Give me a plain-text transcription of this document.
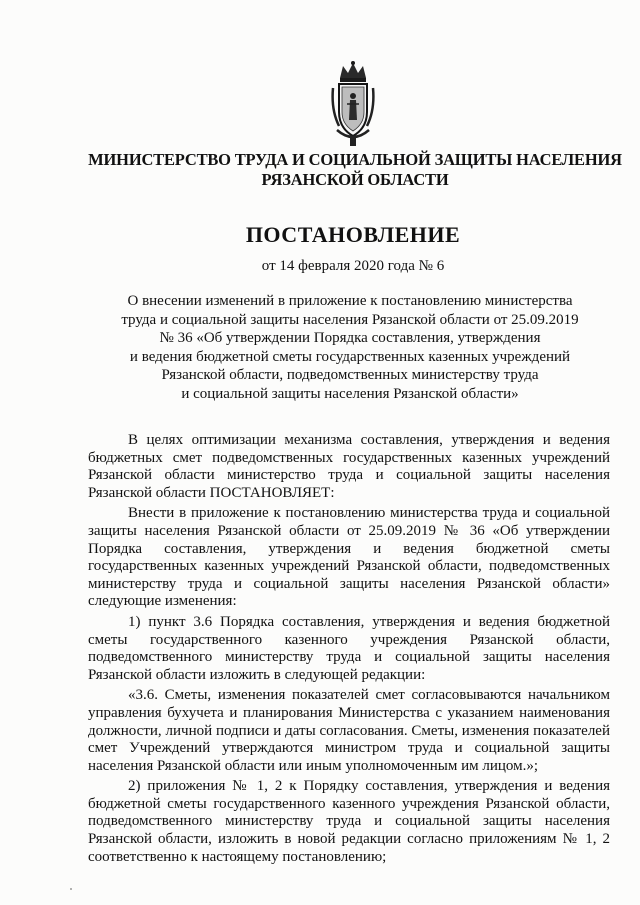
МИНИСТЕРСТВО ТРУДА И СОЦИАЛЬНОЙ ЗАЩИТЫ НАСЕЛЕНИЯ
РЯЗАНСКОЙ ОБЛАСТИ
ПОСТАНОВЛЕНИЕ
от 14 февраля 2020 года № 6
О внесении изменений в приложение к постановлению министерства
труда и социальной защиты населения Рязанской области от 25.09.2019
№ 36 «Об утверждении Порядка составления, утверждения
и ведения бюджетной сметы государственных казенных учреждений
Рязанской области, подведомственных министерству труда
и социальной защиты населения Рязанской области»

В целях оптимизации механизма составления, утверждения и ведения бюджетных смет подведомственных государственных казенных учреждений Рязанской области министерство труда и социальной защиты населения Рязанской области ПОСТАНОВЛЯЕТ:

Внести в приложение к постановлению министерства труда и социальной защиты населения Рязанской области от 25.09.2019 № 36 «Об утверждении Порядка составления, утверждения и ведения бюджетной сметы государственных казенных учреждений Рязанской области, подведомственных министерству труда и социальной защиты населения Рязанской области» следующие изменения:

1) пункт 3.6 Порядка составления, утверждения и ведения бюджетной сметы государственного казенного учреждения Рязанской области, подведомственного министерству труда и социальной защиты населения Рязанской области изложить в следующей редакции:

«3.6. Сметы, изменения показателей смет согласовываются начальником управления бухучета и планирования Министерства с указанием наименования должности, личной подписи и даты согласования. Сметы, изменения показателей смет Учреждений утверждаются министром труда и социальной защиты населения Рязанской области или иным уполномоченным им лицом.»;

2) приложения № 1, 2 к Порядку составления, утверждения и ведения бюджетной сметы государственного казенного учреждения Рязанской области, подведомственного министерству труда и социальной защиты населения Рязанской области, изложить в новой редакции согласно приложениям № 1, 2 соответственно к настоящему постановлению;
